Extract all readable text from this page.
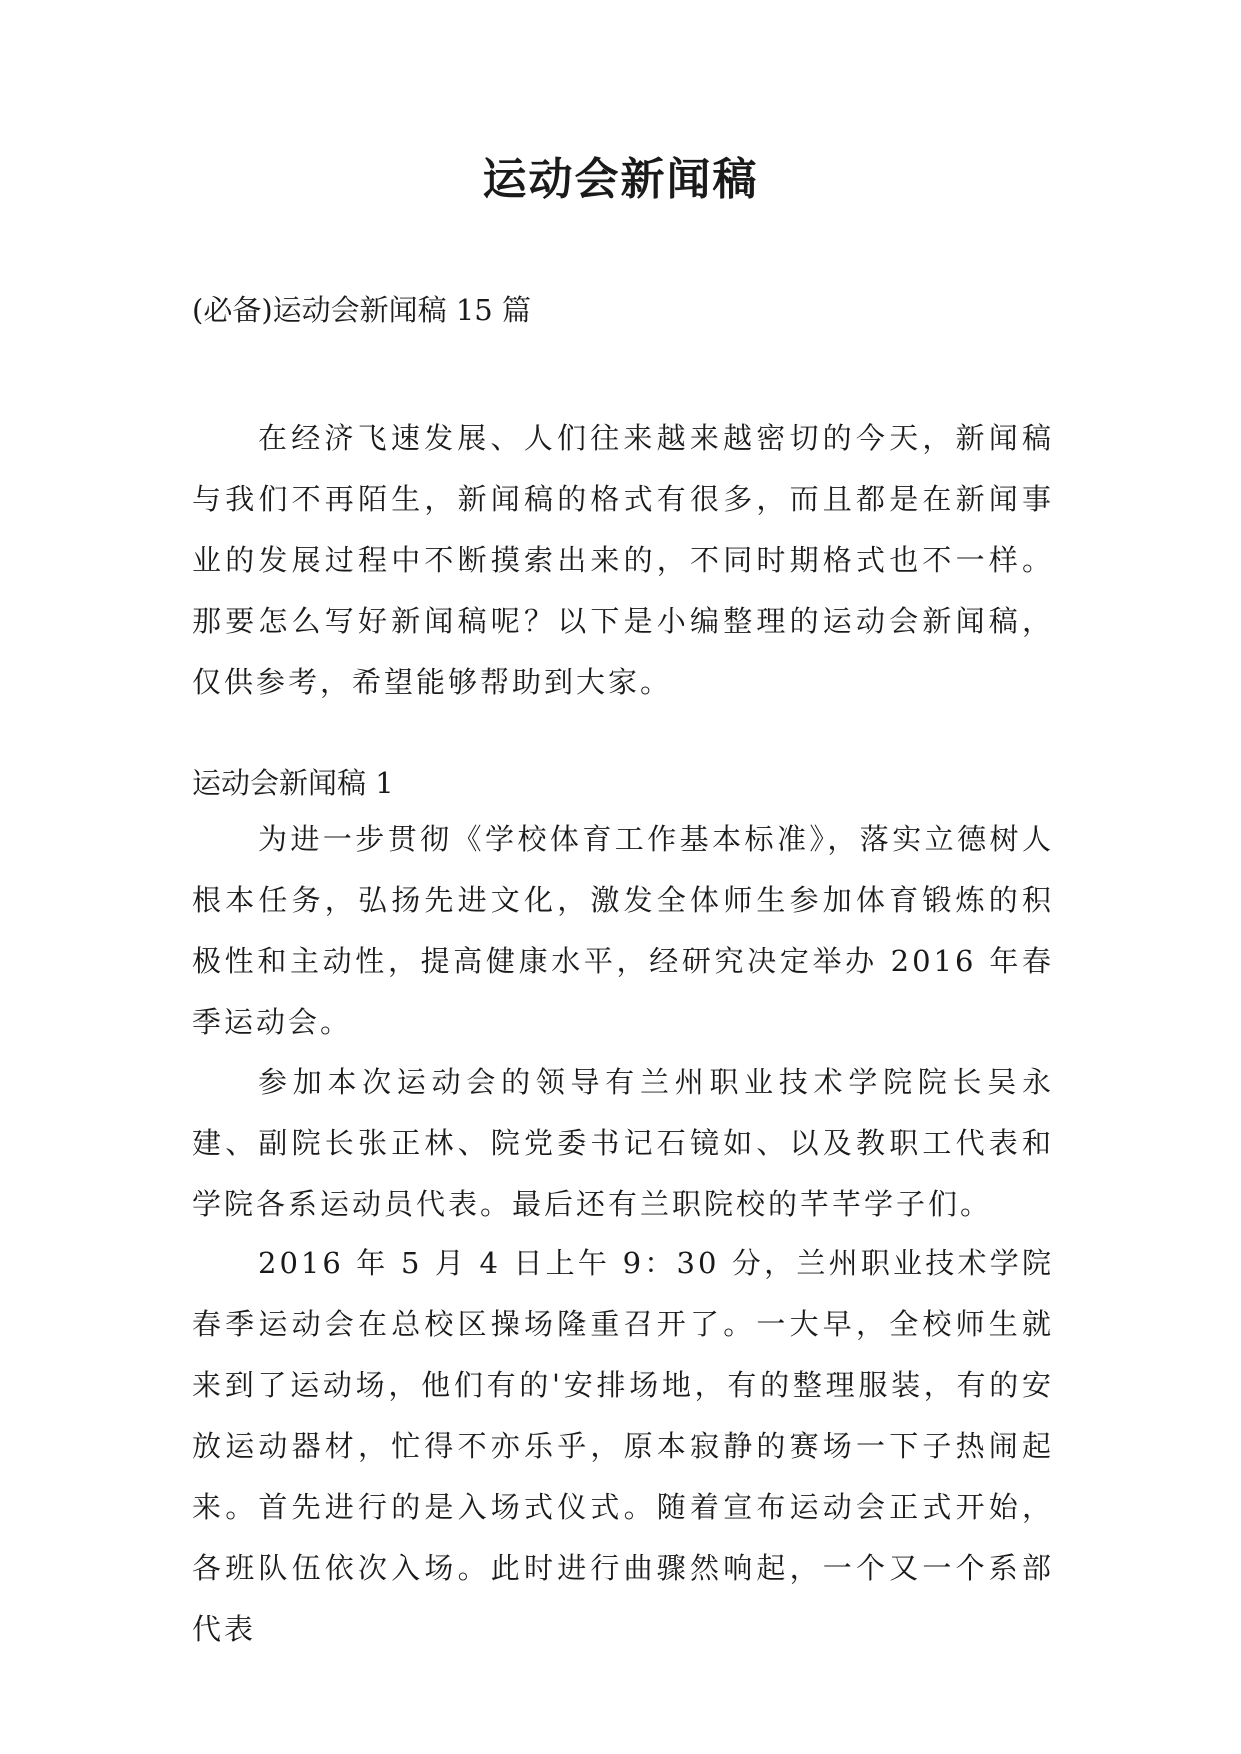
运动会新闻稿

(必备)运动会新闻稿 15 篇

在经济飞速发展、人们往来越来越密切的今天，新闻稿与我们不再陌生，新闻稿的格式有很多，而且都是在新闻事业的发展过程中不断摸索出来的，不同时期格式也不一样。那要怎么写好新闻稿呢？以下是小编整理的运动会新闻稿，仅供参考，希望能够帮助到大家。

运动会新闻稿 1

为进一步贯彻《学校体育工作基本标准》，落实立德树人根本任务，弘扬先进文化，激发全体师生参加体育锻炼的积极性和主动性，提高健康水平，经研究决定举办 2016 年春季运动会。

参加本次运动会的领导有兰州职业技术学院院长吴永建、副院长张正林、院党委书记石镜如、以及教职工代表和学院各系运动员代表。最后还有兰职院校的芊芊学子们。

2016 年 5 月 4 日上午 9：30 分，兰州职业技术学院春季运动会在总校区操场隆重召开了。一大早，全校师生就来到了运动场，他们有的'安排场地，有的整理服装，有的安放运动器材，忙得不亦乐乎，原本寂静的赛场一下子热闹起来。首先进行的是入场式仪式。随着宣布运动会正式开始，各班队伍依次入场。此时进行曲骤然响起，一个又一个系部代表
